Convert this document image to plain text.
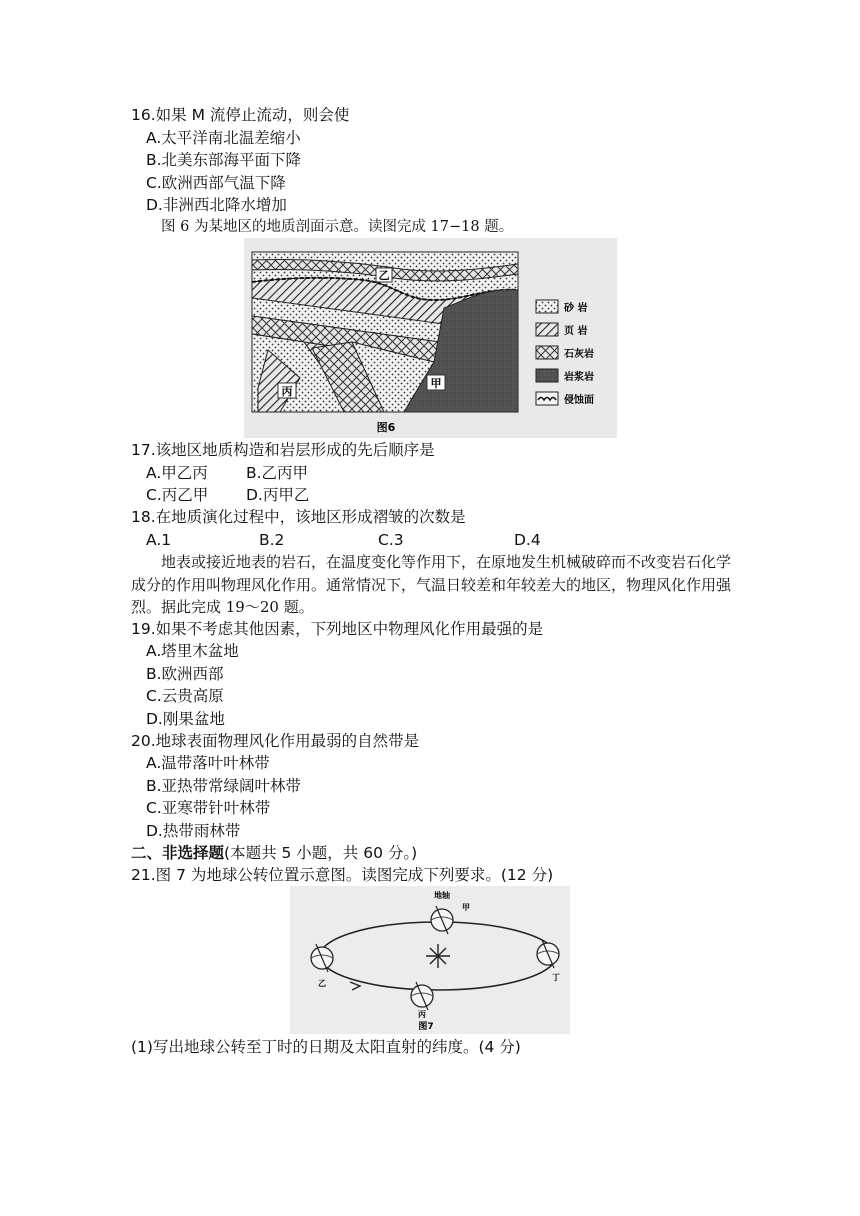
16.如果 M 流停止流动，则会使
A.太平洋南北温差缩小
B.北美东部海平面下降
C.欧洲西部气温下降
D.非洲西北降水增加
图 6 为某地区的地质剖面示意。读图完成 17−18 题。
乙
甲
丙
图6
砂 岩
页 岩
石灰岩
岩浆岩
侵蚀面
17.该地区地质构造和岩层形成的先后顺序是
A.甲乙丙 B.乙丙甲
C.丙乙甲 D.丙甲乙
18.在地质演化过程中，该地区形成褶皱的次数是
A.1	B.2	C.3	D.4
地表或接近地表的岩石，在温度变化等作用下，在原地发生机械破碎而不改变岩石化学成分的作用叫物理风化作用。通常情况下，气温日较差和年较差大的地区，物理风化作用强烈。据此完成 19～20 题。
19.如果不考虑其他因素，下列地区中物理风化作用最强的是
A.塔里木盆地
B.欧洲西部
C.云贵高原
D.刚果盆地
20.地球表面物理风化作用最弱的自然带是
A.温带落叶叶林带
B.亚热带常绿阔叶林带
C.亚寒带针叶林带
D.热带雨林带
二、非选择题(本题共 5 小题，共 60 分。)
21.图 7 为地球公转位置示意图。读图完成下列要求。(12 分)
地轴
甲
乙
丙
丁
图7
(1)写出地球公转至丁时的日期及太阳直射的纬度。(4 分)
